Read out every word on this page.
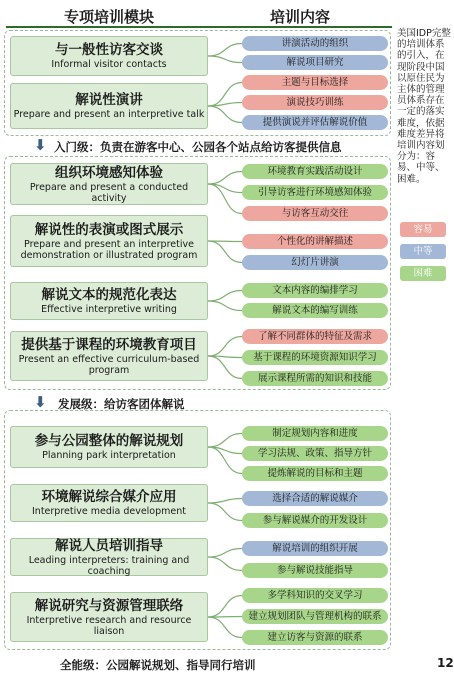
专项培训模块	培训内容
与一般性访客交谈
Informal visitor contacts
解说性演讲
Prepare and present an interpretive talk
讲演活动的组织
解说项目研究
主题与目标选择
演说技巧训练
提供演说并评估解说价值
⬇ 入门级：负责在游客中心、公园各个站点给访客提供信息
组织环境感知体验
Prepare and present a conducted activity
解说性的表演或图式展示
Prepare and present an interpretive demonstration or illustrated program
解说文本的规范化表达
Effective interpretive writing
提供基于课程的环境教育项目
Present an effective curriculum-based program
环境教育实践活动设计
引导访客进行环境感知体验
与访客互动交往
个性化的讲解描述
幻灯片讲演
文本内容的编排学习
解说文本的编写训练
了解不同群体的特征及需求
基于课程的环境资源知识学习
展示课程所需的知识和技能
⬇ 发展级：给访客团体解说
参与公园整体的解说规划
Planning park interpretation
环境解说综合媒介应用
Interpretive media development
解说人员培训指导
Leading interpreters: training and coaching
解说研究与资源管理联络
Interpretive research and resource liaison
制定规划内容和进度
学习法规、政策、指导方针
提炼解说的目标和主题
选择合适的解说媒介
参与解说媒介的开发设计
解说培训的组织开展
参与解说技能指导
多学科知识的交叉学习
建立规划团队与管理机构的联系
建立访客与资源的联系
全能级：公园解说规划、指导同行培训
美国IDP完整的培训体系的引入，在现阶段中国以原住民为主体的管理员体系存在一定的落实难度，依据难度差异将培训内容划分为：容易、中等、困难。
容易
中等
困难
12
